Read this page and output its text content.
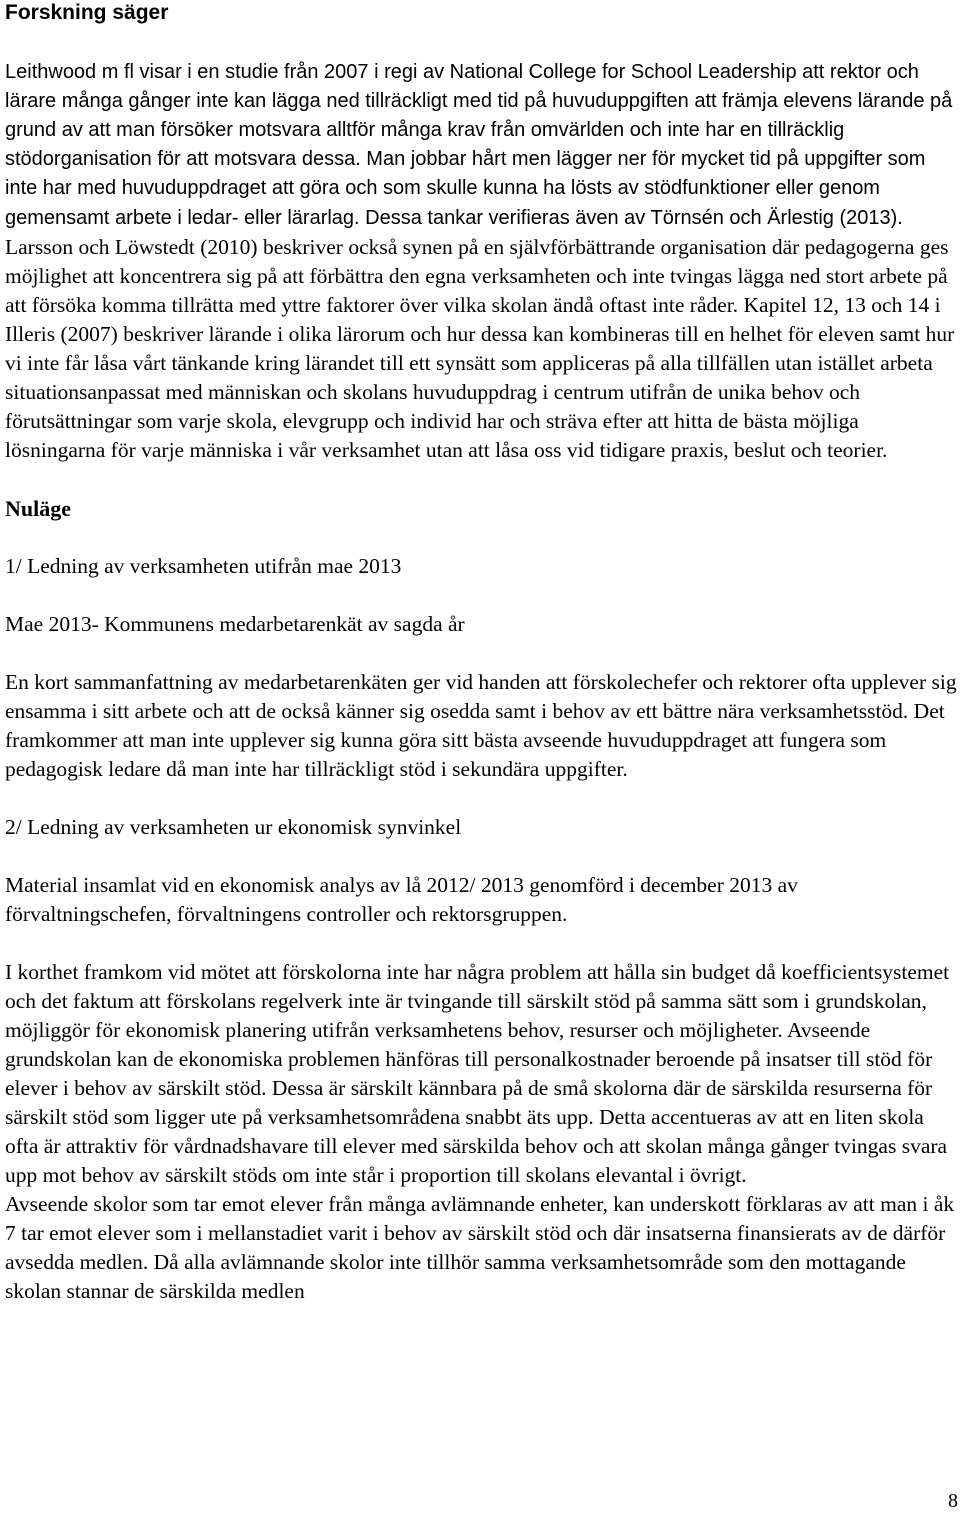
Forskning säger

Leithwood m fl visar i en studie från 2007 i regi av National College for School Leadership att rektor och lärare många gånger inte kan lägga ned tillräckligt med tid på huvuduppgiften att främja elevens lärande på grund av att man försöker motsvara alltför många krav från omvärlden och inte har en tillräcklig stödorganisation för att motsvara dessa. Man jobbar hårt men lägger ner för mycket tid på uppgifter som inte har med huvuduppdraget att göra och som skulle kunna ha lösts av stödfunktioner eller genom gemensamt arbete i ledar- eller lärarlag. Dessa tankar verifieras även av Törnsén och Ärlestig (2013). Larsson och Löwstedt (2010) beskriver också synen på en självförbättrande organisation där pedagogerna ges möjlighet att koncentrera sig på att förbättra den egna verksamheten och inte tvingas lägga ned stort arbete på att försöka komma tillrätta med yttre faktorer över vilka skolan ändå oftast inte råder. Kapitel 12, 13 och 14 i Illeris (2007) beskriver lärande i olika lärorum och hur dessa kan kombineras till en helhet för eleven samt hur vi inte får låsa vårt tänkande kring lärandet till ett synsätt som appliceras på alla tillfällen utan istället arbeta situationsanpassat med människan och skolans huvuduppdrag i centrum utifrån de unika behov och förutsättningar som varje skola, elevgrupp och individ har och sträva efter att hitta de bästa möjliga lösningarna för varje människa i vår verksamhet utan att låsa oss vid tidigare praxis, beslut och teorier.

Nuläge

1/ Ledning av verksamheten utifrån mae 2013

Mae 2013- Kommunens medarbetarenkät av sagda år

En kort sammanfattning av medarbetarenkäten ger vid handen att förskolechefer och rektorer ofta upplever sig ensamma i sitt arbete och att de också känner sig osedda samt i behov av ett bättre nära verksamhetsstöd. Det framkommer att man inte upplever sig kunna göra sitt bästa avseende huvuduppdraget att fungera som pedagogisk ledare då man inte har tillräckligt stöd i sekundära uppgifter.

2/ Ledning av verksamheten ur ekonomisk synvinkel

Material insamlat vid en ekonomisk analys av lå 2012/ 2013 genomförd i december 2013 av förvaltningschefen, förvaltningens controller och rektorsgruppen.

I korthet framkom vid mötet att förskolorna inte har några problem att hålla sin budget då koefficientsystemet och det faktum att förskolans regelverk inte är tvingande till särskilt stöd på samma sätt som i grundskolan, möjliggör för ekonomisk planering utifrån verksamhetens behov, resurser och möjligheter. Avseende grundskolan kan de ekonomiska problemen hänföras till personalkostnader beroende på insatser till stöd för elever i behov av särskilt stöd. Dessa är särskilt kännbara på de små skolorna där de särskilda resurserna för särskilt stöd som ligger ute på verksamhetsområdena snabbt äts upp. Detta accentueras av att en liten skola ofta är attraktiv för vårdnadshavare till elever med särskilda behov och att skolan många gånger tvingas svara upp mot behov av särskilt stöds om inte står i proportion till skolans elevantal i övrigt.

Avseende skolor som tar emot elever från många avlämnande enheter, kan underskott förklaras av att man i åk 7 tar emot elever som i mellanstadiet varit i behov av särskilt stöd och där insatserna finansierats av de därför avsedda medlen. Då alla avlämnande skolor inte tillhör samma verksamhetsområde som den mottagande skolan stannar de särskilda medlen

8
